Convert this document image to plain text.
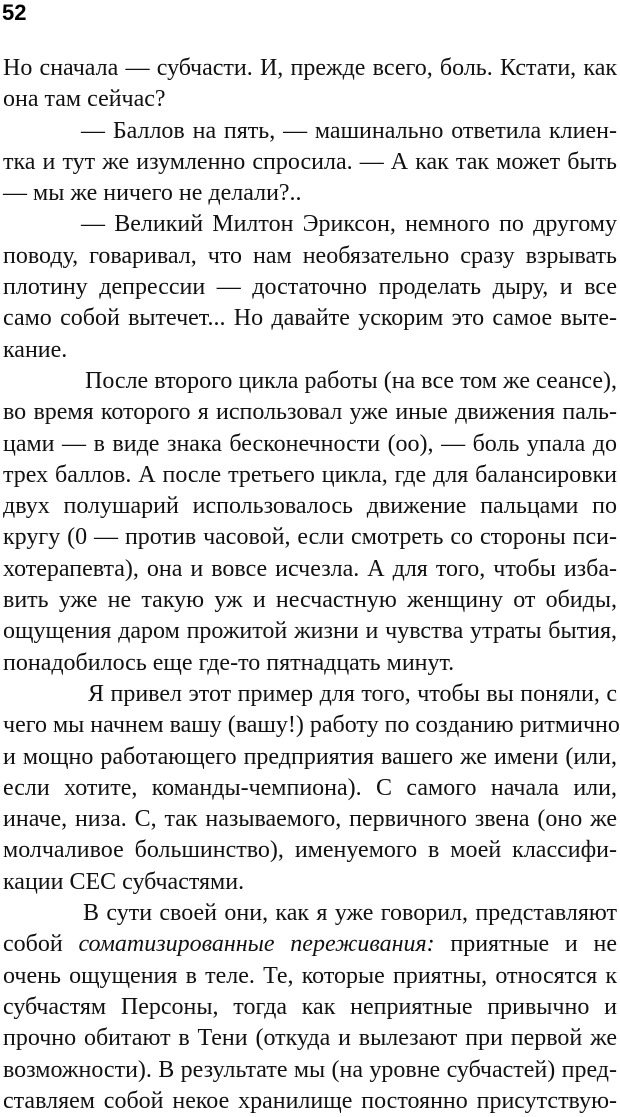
52
Но сначала — субчасти. И, прежде всего, боль. Кстати, как
она там сейчас?
— Баллов на пять, — машинально ответила клиен-
тка и тут же изумленно спросила. — А как так может быть
— мы же ничего не делали?..
— Великий Милтон Эриксон, немного по другому
поводу, говаривал, что нам необязательно сразу взрывать
плотину депрессии — достаточно проделать дыру, и все
само собой вытечет... Но давайте ускорим это самое выте-
кание.
После второго цикла работы (на все том же сеансе),
во время которого я использовал уже иные движения паль-
цами — в виде знака бесконечности (oo), — боль упала до
трех баллов. А после третьего цикла, где для балансировки
двух полушарий использовалось движение пальцами по
кругу (0 — против часовой, если смотреть со стороны пси-
хотерапевта), она и вовсе исчезла. А для того, чтобы изба-
вить уже не такую уж и несчастную женщину от обиды,
ощущения даром прожитой жизни и чувства утраты бытия,
понадобилось еще где-то пятнадцать минут.
Я привел этот пример для того, чтобы вы поняли, с
чего мы начнем вашу (вашу!) работу по созданию ритмично
и мощно работающего предприятия вашего же имени (или,
если хотите, команды-чемпиона). С самого начала или,
иначе, низа. С, так называемого, первичного звена (оно же
молчаливое большинство), именуемого в моей классифи-
кации СЕС субчастями.
В сути своей они, как я уже говорил, представляют
собой соматизированные переживания: приятные и не
очень ощущения в теле. Те, которые приятны, относятся к
субчастям Персоны, тогда как неприятные привычно и
прочно обитают в Тени (откуда и вылезают при первой же
возможности). В результате мы (на уровне субчастей) пред-
ставляем собой некое хранилище постоянно присутствую-
